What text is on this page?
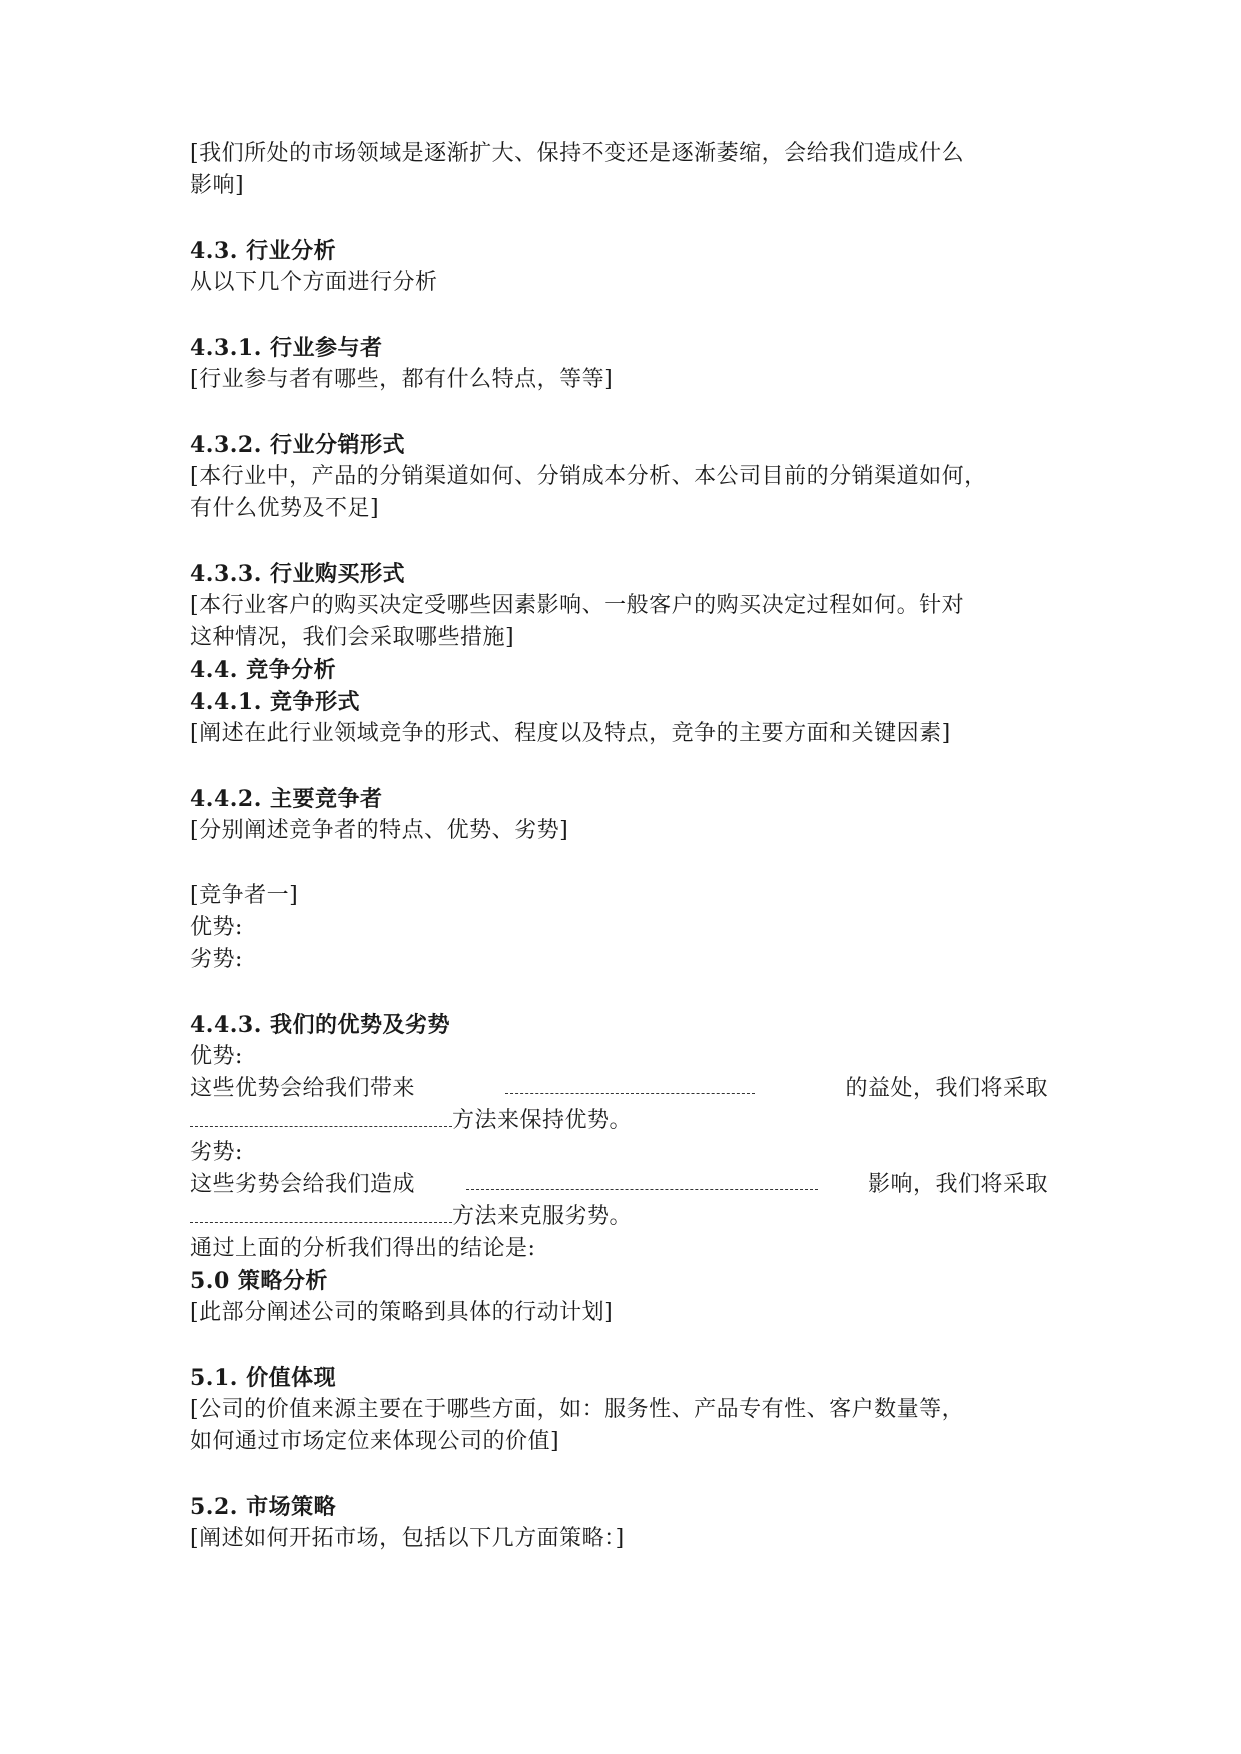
[我们所处的市场领域是逐渐扩大、保持不变还是逐渐萎缩，会给我们造成什么
影响]
4.3. 行业分析
从以下几个方面进行分析
4.3.1. 行业参与者
[行业参与者有哪些，都有什么特点，等等]
4.3.2. 行业分销形式
[本行业中，产品的分销渠道如何、分销成本分析、本公司目前的分销渠道如何，
有什么优势及不足]
4.3.3. 行业购买形式
[本行业客户的购买决定受哪些因素影响、一般客户的购买决定过程如何。针对
这种情况，我们会采取哪些措施]
4.4. 竞争分析
4.4.1. 竞争形式
[阐述在此行业领域竞争的形式、程度以及特点，竞争的主要方面和关键因素]
4.4.2. 主要竞争者
[分别阐述竞争者的特点、优势、劣势]
[竞争者一]
优势:
劣势:
4.4.3. 我们的优势及劣势
优势:
这些优势会给我们带来	的益处，我们将采取
方法来保持优势。
劣势:
这些劣势会给我们造成	影响，我们将采取
方法来克服劣势。
通过上面的分析我们得出的结论是:
5.0 策略分析
[此部分阐述公司的策略到具体的行动计划]
5.1. 价值体现
[公司的价值来源主要在于哪些方面，如：服务性、产品专有性、客户数量等，
如何通过市场定位来体现公司的价值]
5.2. 市场策略
[阐述如何开拓市场，包括以下几方面策略：]
